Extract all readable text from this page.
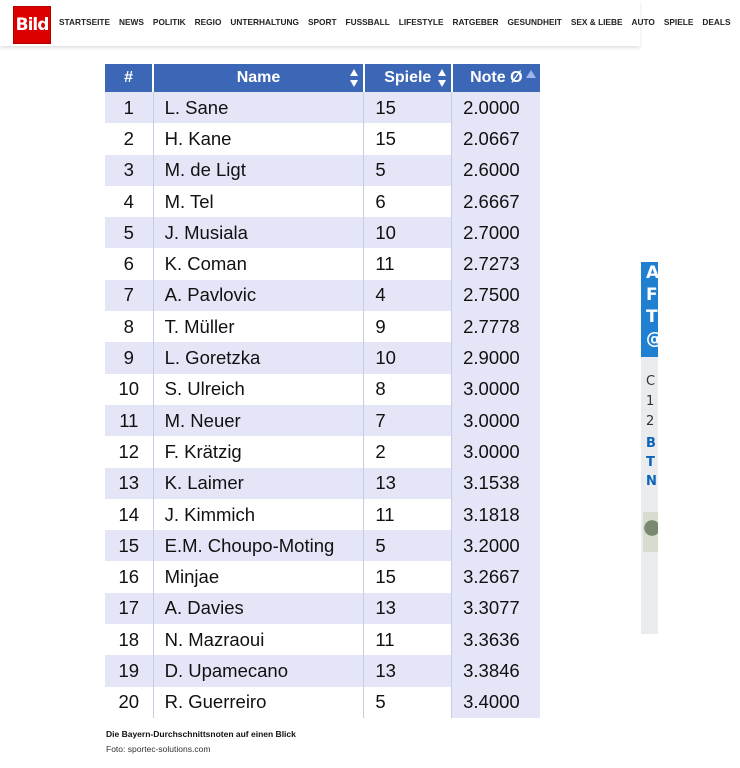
Bild	STARTSEITE NEWS POLITIK REGIO UNTERHALTUNG SPORT FUSSBALL LIFESTYLE RATGEBER GESUNDHEIT SEX & LIEBE AUTO SPIELE DEALS
#	Name	Spiele	Note Ø

1	L. Sane	15	2.0000
2	H. Kane	15	2.0667
3	M. de Ligt	5	2.6000
4	M. Tel	6	2.6667
5	J. Musiala	10	2.7000
6	K. Coman	11	2.7273
7	A. Pavlovic	4	2.7500
8	T. Müller	9	2.7778
9	L. Goretzka	10	2.9000
10	S. Ulreich	8	3.0000
11	M. Neuer	7	3.0000
12	F. Krätzig	2	3.0000
13	K. Laimer	13	3.1538
14	J. Kimmich	11	3.1818
15	E.M. Choupo-Moting	5	3.2000
16	Minjae	15	3.2667
17	A. Davies	13	3.3077
18	N. Mazraoui	11	3.3636
19	D. Upamecano	13	3.3846
20	R. Guerreiro	5	3.4000
Die Bayern-Durchschnittsnoten auf einen Blick
Foto: sportec-solutions.com
A
F
T
@
C
1
2
B
T
N
